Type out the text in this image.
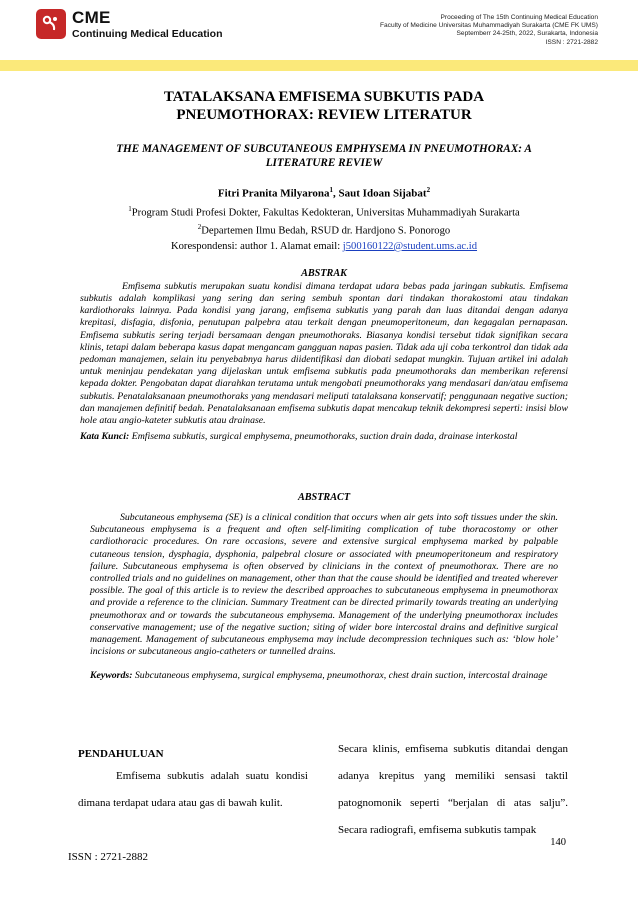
CME
Continuing Medical Education
Proceeding of The 15th Continuing Medical Education
Faculty of Medicine Universitas Muhammadiyah Surakarta (CME FK UMS)
Septemberr 24-25th, 2022, Surakarta, Indonesia
ISSN : 2721-2882
TATALAKSANA EMFISEMA SUBKUTIS PADA
PNEUMOTHORAX: REVIEW LITERATUR
THE MANAGEMENT OF SUBCUTANEOUS EMPHYSEMA IN PNEUMOTHORAX: A
LITERATURE REVIEW
Fitri Pranita Milyarona$^1$, Saut Idoan Sijabat$^2$
$^1$Program Studi Profesi Dokter, Fakultas Kedokteran, Universitas Muhammadiyah Surakarta
$^2$Departemen Ilmu Bedah, RSUD dr. Hardjono S. Ponorogo
Korespondensi: author 1. Alamat email: j500160122@student.ums.ac.id
ABSTRAK
Emfisema subkutis merupakan suatu kondisi dimana terdapat udara bebas pada jaringan subkutis. Emfisema subkutis adalah komplikasi yang sering dan sering sembuh spontan dari tindakan thorakostomi atau tindakan kardiothoraks lainnya. Pada kondisi yang jarang, emfisema subkutis yang parah dan luas ditandai dengan adanya krepitasi, disfagia, disfonia, penutupan palpebra atau terkait dengan pneumoperitoneum, dan kegagalan pernapasan. Emfisema subkutis sering terjadi bersamaan dengan pneumothoraks. Biasanya kondisi tersebut tidak signifikan secara klinis, tetapi dalam beberapa kasus dapat mengancam gangguan napas pasien. Tidak ada uji coba terkontrol dan tidak ada pedoman manajemen, selain itu penyebabnya harus diidentifikasi dan diobati sedapat mungkin. Tujuan artikel ini adalah untuk meninjau pendekatan yang dijelaskan untuk emfisema subkutis pada pneumothoraks dan memberikan referensi kepada dokter. Pengobatan dapat diarahkan terutama untuk mengobati pneumothoraks yang mendasari dan/atau emfisema subkutis. Penatalaksanaan pneumothoraks yang mendasari meliputi tatalaksana konservatif; penggunaan negative suction; dan manajemen definitif bedah. Penatalaksanaan emfisema subkutis dapat mencakup teknik dekompresi seperti: insisi blow hole atau angio-kateter subkutis atau drainase.
Kata Kunci: Emfisema subkutis, surgical emphysema, pneumothoraks, suction drain dada, drainase interkostal
ABSTRACT
Subcutaneous emphysema (SE) is a clinical condition that occurs when air gets into soft tissues under the skin. Subcutaneous emphysema is a frequent and often self-limiting complication of tube thoracostomy or other cardiothoracic procedures. On rare occasions, severe and extensive surgical emphysema marked by palpable cutaneous tension, dysphagia, dysphonia, palpebral closure or associated with pneumoperitoneum and respiratory failure. Subcutaneous emphysema is often observed by clinicians in the context of pneumothorax. There are no controlled trials and no guidelines on management, other than that the cause should be identified and treated wherever possible. The goal of this article is to review the described approaches to subcutaneous emphysema in pneumothorax and provide a reference to the clinician. Summary Treatment can be directed primarily towards treating an underlying pneumothorax and or towards the subcutaneous emphysema. Management of the underlying pneumothorax includes conservative management; use of the negative suction; siting of wider bore intercostal drains and definitive surgical management. Management of subcutaneous emphysema may include decompression techniques such as: ‘blow hole’ incisions or subcutaneous angio-catheters or tunnelled drains.
Keywords: Subcutaneous emphysema, surgical emphysema, pneumothorax, chest drain suction, intercostal drainage
PENDAHULUAN
Emfisema subkutis adalah suatu kondisi dimana terdapat udara atau gas di bawah kulit.
Secara klinis, emfisema subkutis ditandai dengan adanya krepitus yang memiliki sensasi taktil patognomonik seperti “berjalan di atas salju”. Secara radiografi, emfisema subkutis tampak
140
ISSN : 2721-2882
